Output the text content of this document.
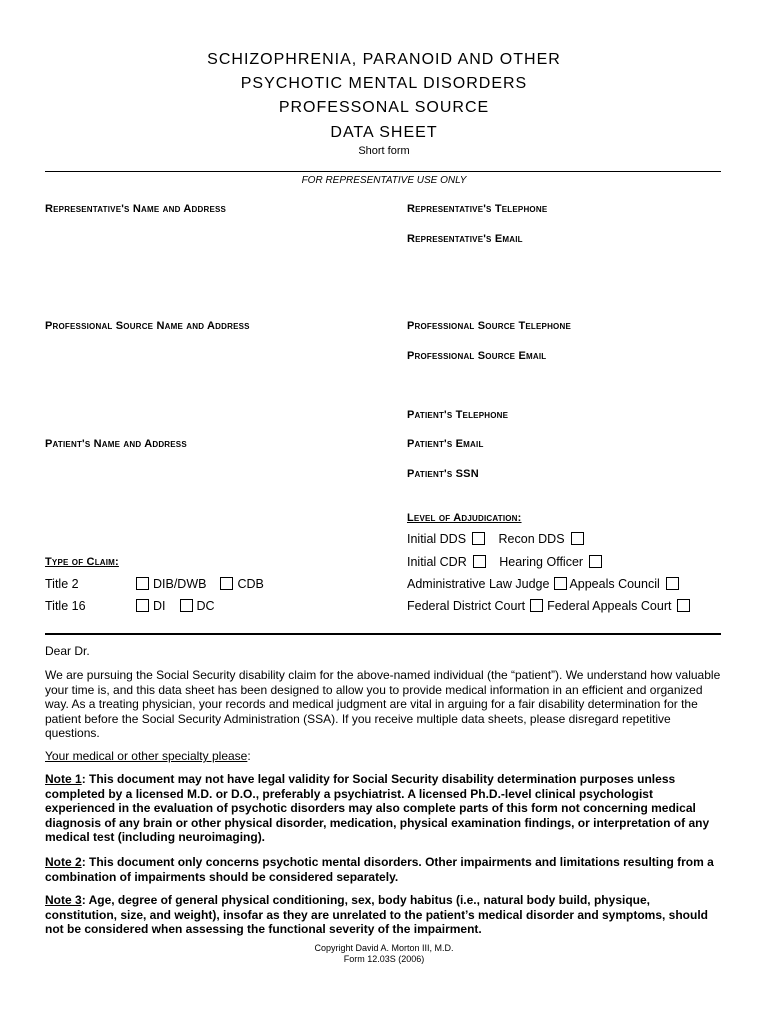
SCHIZOPHRENIA, PARANOID AND OTHER
PSYCHOTIC MENTAL DISORDERS
PROFESSONAL SOURCE
DATA SHEET
Short form
FOR REPRESENTATIVE USE ONLY
Representative's Name and Address	Representative's Telephone
Representative's Email
Professional Source Name and Address	Professional Source Telephone
Professional Source Email
Patient's Telephone
Patient's Name and Address	Patient's Email
Patient's SSN
Level of Adjudication:
Initial DDS	Recon DDS
Initial CDR	Hearing Officer
Administrative Law Judge Appeals Council
Federal District Court Federal Appeals Court
Type of Claim:
Title 2	DIB/DWB CDB
Title 16	DI DC
Dear Dr.
We are pursuing the Social Security disability claim for the above-named individual (the “patient”). We understand how valuable your time is, and this data sheet has been designed to allow you to provide medical information in an efficient and organized way. As a treating physician, your records and medical judgment are vital in arguing for a fair disability determination for the patient before the Social Security Administration (SSA). If you receive multiple data sheets, please disregard repetitive questions.
Your medical or other specialty please:
Note 1: This document may not have legal validity for Social Security disability determination purposes unless completed by a licensed M.D. or D.O., preferably a psychiatrist. A licensed Ph.D.-level clinical psychologist experienced in the evaluation of psychotic disorders may also complete parts of this form not concerning medical diagnosis of any brain or other physical disorder, medication, physical examination findings, or interpretation of any medical test (including neuroimaging).
Note 2: This document only concerns psychotic mental disorders. Other impairments and limitations resulting from a combination of impairments should be considered separately.
Note 3: Age, degree of general physical conditioning, sex, body habitus (i.e., natural body build, physique, constitution, size, and weight), insofar as they are unrelated to the patient’s medical disorder and symptoms, should not be considered when assessing the functional severity of the impairment.
Copyright David A. Morton III, M.D.
Form 12.03S (2006)
